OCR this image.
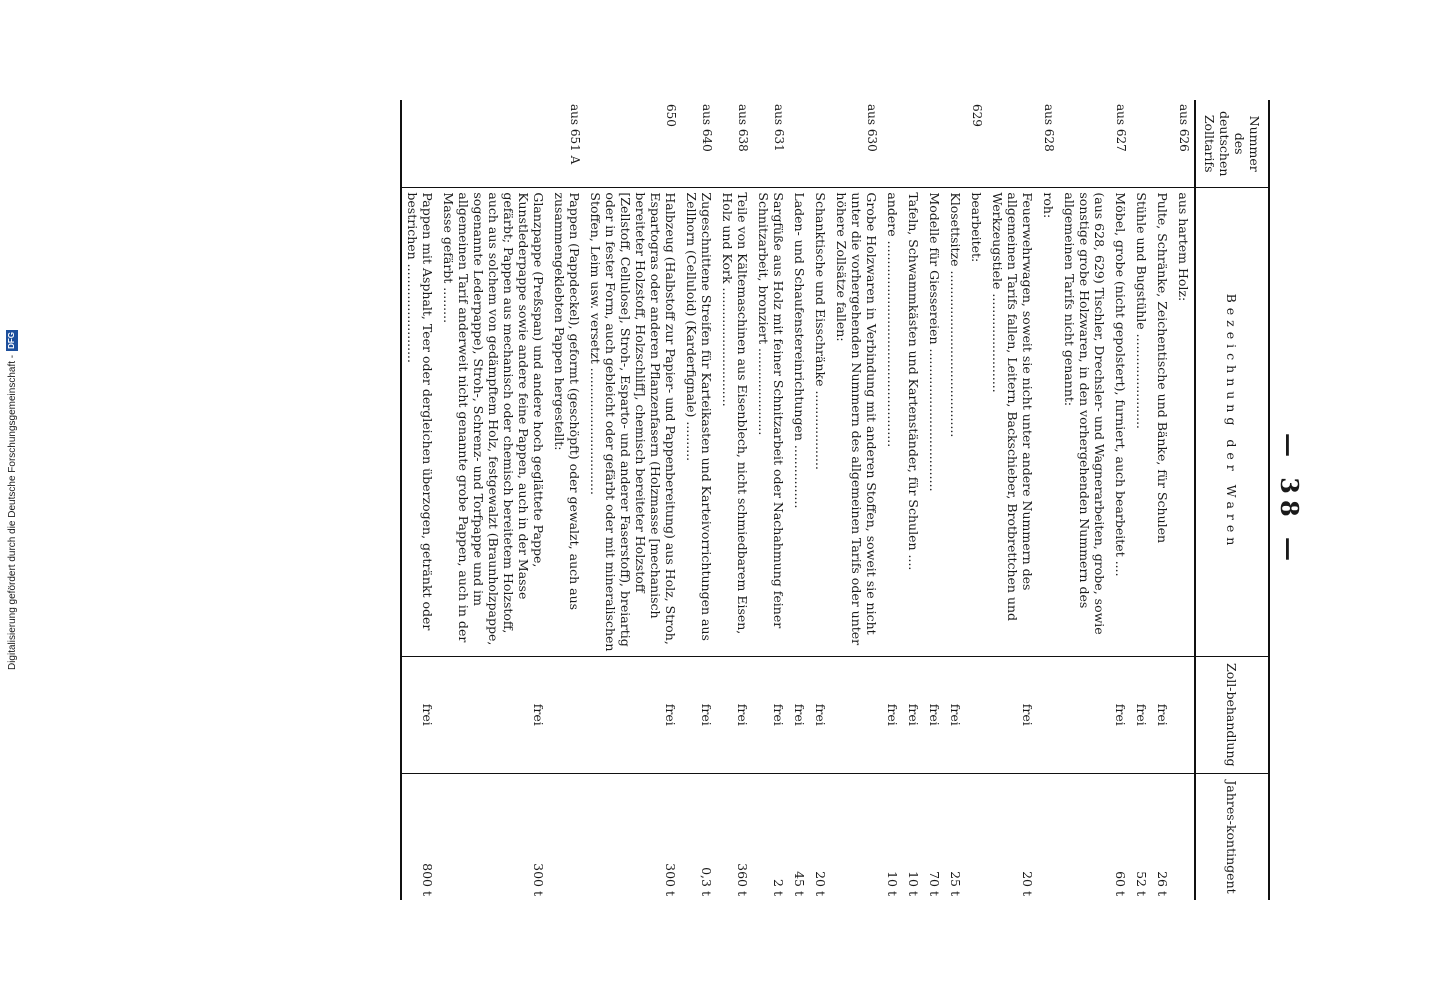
Digitalisierung gefördert durch die Deutsche Forschungsgemeinschaft -
DFG
— 38 —
Nummer des deutschen Zolltarifs	Bezeichnung der Waren	Zoll-behandlung	Jahres-kontingent
aus 626	aus hartem Holz:		
	Pulte, Schränke, Zeichentische und Bänke, für Schulen	frei	26 t
	Stühle und Bugstühle ........................	frei	52 t
aus 627	Möbel, grobe (nicht gepolstert), furniert, auch bearbeitet ....	frei	60 t
	(aus 628, 629) Tischler, Drechsler- und Wagnerarbeiten, grobe, sowie sonstige grobe Holzwaren, in den vorhergehenden Nummern des allgemeinen Tarifs nicht genannt:		
aus 628	roh:		
	Feuerwehrwagen, soweit sie nicht unter andere Nummern des allgemeinen Tarifs fallen, Leitern, Backschieber, Brotbrettchen und Werkzeugstiele .........................	frei	20 t
629	bearbeitet:		
	Klosettsitze ..........................................	frei	25 t
	Modelle für Giessereien ....................................	frei	70 t
	Tafeln, Schwammkästen und Kartenständer, für Schulen ....	frei	10 t
	andere ....................................................	frei	10 t
aus 630	Grobe Holzwaren in Verbindung mit anderen Stoffen, soweit sie nicht unter die vorhergehenden Nummern des allgemeinen Tarifs oder unter höhere Zollsätze fallen:		
	Schanktische und Eisschränke ....................	frei	20 t
	Laden- und Schaufenstereinrichtungen ................	frei	45 t
aus 631	Sargfüße aus Holz mit feiner Schnitzarbeit oder Nachahmung feiner Schnitzarbeit, bronziert ......................	frei	2 t
aus 638	Teile von Kältemaschinen aus Eisenblech, nicht schmiedbarem Eisen, Holz und Kork ..............................	frei	360 t
aus 640	Zugeschnittene Streifen für Karteikasten und Karteivorrichtungen aus Zellhorn (Celluloid) (Karderfignale) ..........	frei	0,3 t
650	Halbzeug (Halbstoff zur Papier- und Pappenbereitung) aus Holz, Stroh, Espartogras oder anderen Pflanzenfasern (Holzmasse [mechanisch bereiteter Holzstoff, Holzschliff], chemisch bereiteter Holzstoff [Zellstoff, Cellulose], Stroh-, Esparto- und anderer Faserstoff), breiartig oder in fester Form, auch gebleicht oder gefärbt oder mit mineralischen Stoffen, Leim usw. versetzt ................................	frei	300 t
aus 651 A	Pappen (Pappdeckel), geformt (geschöpft) oder gewalzt, auch aus zusammengeklebten Pappen hergestellt:		
	Glanzpappe (Preßspan) und andere hoch geglättete Pappe, Kunstlederpappe sowie andere feine Pappen, auch in der Masse gefärbt; Pappen aus mechanisch oder chemisch bereitetem Holzstoff, auch aus solchem von gedämpftem Holz, festgewalzt (Braunholzpappe, sogenannte Lederpappe), Stroh-, Schrenz- und Torfpappe und im allgemeinen Tarif anderweit nicht genannte grobe Pappen, auch in der Masse gefärbt .........	frei	300 t
	Pappen mit Asphalt, Teer oder dergleichen überzogen, getränkt oder bestrichen .........................	frei	800 t
